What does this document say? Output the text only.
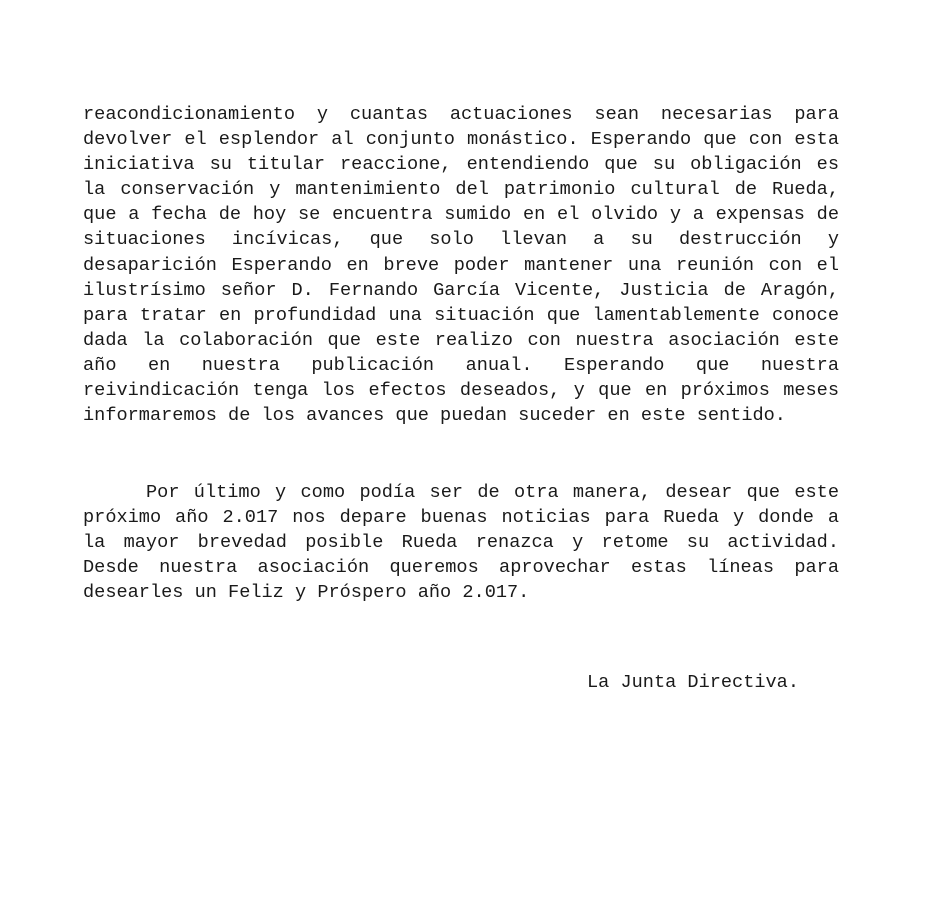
reacondicionamiento y cuantas actuaciones sean necesarias para devolver el esplendor al conjunto monástico. Esperando que con esta iniciativa su titular reaccione, entendiendo que su obligación es la conservación y mantenimiento del patrimonio cultural de Rueda, que a fecha de hoy se encuentra sumido en el olvido y a expensas de situaciones incívicas, que solo llevan a su destrucción y desaparición Esperando en breve poder mantener una reunión con el ilustrísimo señor D. Fernando García Vicente, Justicia de Aragón, para tratar en profundidad una situación que lamentablemente conoce dada la colaboración que este realizo con nuestra asociación este año en nuestra publicación anual. Esperando que nuestra reivindicación tenga los efectos deseados, y que en próximos meses informaremos de los avances que puedan suceder en este sentido.

Por último y como podía ser de otra manera, desear que este próximo año 2.017 nos depare buenas noticias para Rueda y donde a la mayor brevedad posible Rueda renazca y retome su actividad. Desde nuestra asociación queremos aprovechar estas líneas para desearles un Feliz y Próspero año 2.017.

La Junta Directiva.
